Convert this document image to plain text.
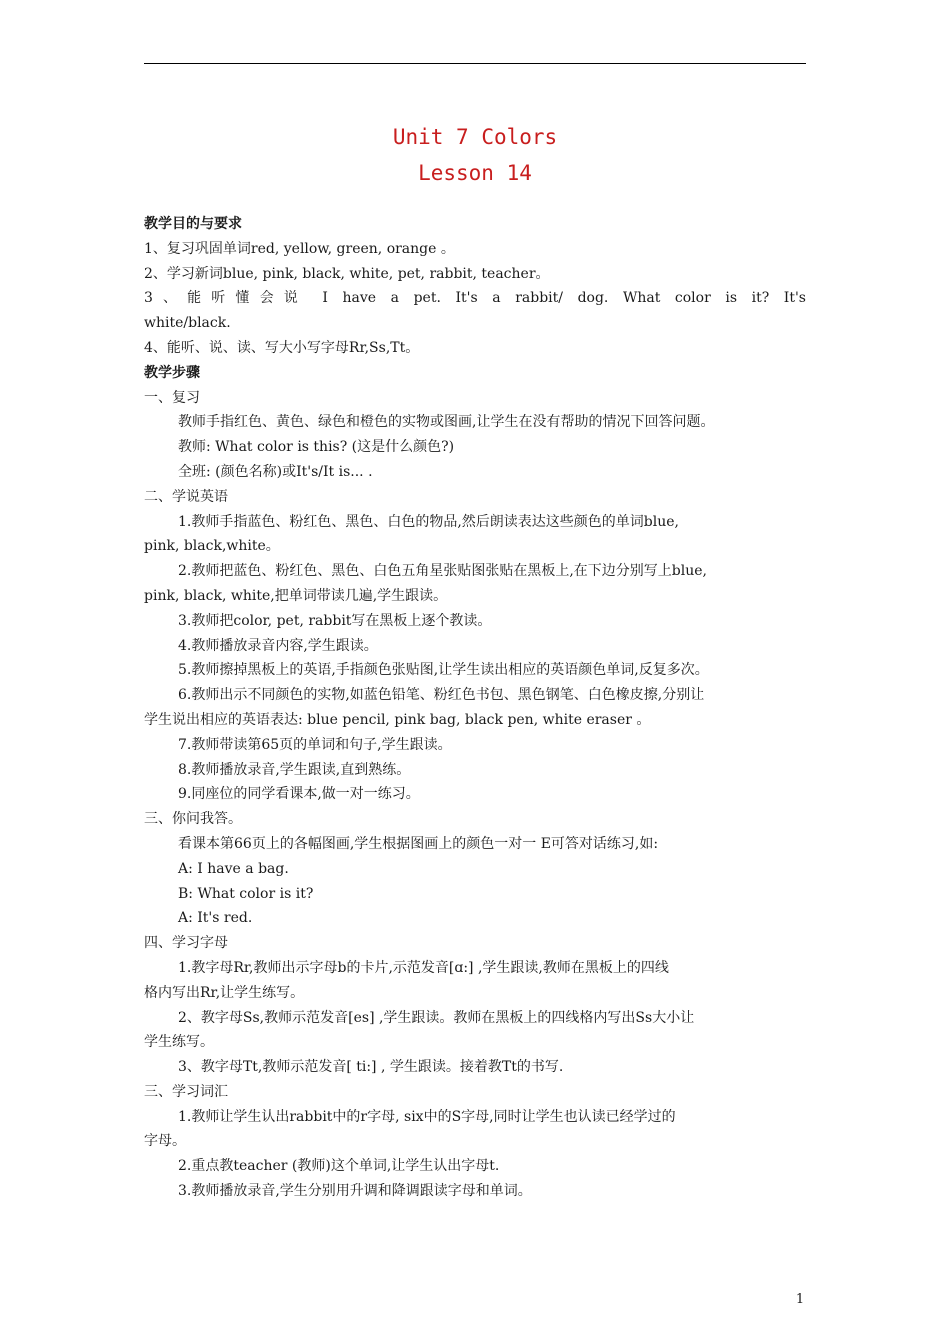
Unit 7 Colors
Lesson 14
教学目的与要求
1、复习巩固单词red, yellow, green, orange 。
2、学习新词blue, pink, black, white, pet, rabbit, teacher。
3、能听懂会说 I have a pet. It's a rabbit/ dog. What color is it? It's
white/black.
4、能听、说、读、写大小写字母Rr,Ss,Tt。
教学步骤
一、复习
教师手指红色、黄色、绿色和橙色的实物或图画,让学生在没有帮助的情况下回答问题。
教师: What color is this? (这是什么颜色?)
全班: (颜色名称)或It's/It is... .
二、学说英语
1.教师手指蓝色、粉红色、黑色、白色的物品,然后朗读表达这些颜色的单词blue,
pink, black,white。
2.教师把蓝色、粉红色、黑色、白色五角星张贴图张贴在黑板上,在下边分别写上blue,
pink, black, white,把单词带读几遍,学生跟读。
3.教师把color, pet, rabbit写在黑板上逐个教读。
4.教师播放录音内容,学生跟读。
5.教师擦掉黑板上的英语,手指颜色张贴图,让学生读出相应的英语颜色单词,反复多次。
6.教师出示不同颜色的实物,如蓝色铅笔、粉红色书包、黑色钢笔、白色橡皮擦,分别让
学生说出相应的英语表达: blue pencil, pink bag, black pen, white eraser 。
7.教师带读第65页的单词和句子,学生跟读。
8.教师播放录音,学生跟读,直到熟练。
9.同座位的同学看课本,做一对一练习。
三、你问我答。
看课本第66页上的各幅图画,学生根据图画上的颜色一对一 E可答对话练习,如:
A: I have a bag.
B: What color is it?
A: It's red.
四、学习字母
1.教字母Rr,教师出示字母b的卡片,示范发音[ɑ:] ,学生跟读,教师在黑板上的四线
格内写出Rr,让学生练写。
2、教字母Ss,教师示范发音[es] ,学生跟读。教师在黑板上的四线格内写出Ss大小让
学生练写。
3、教字母Tt,教师示范发音[ ti:] , 学生跟读。接着教Tt的书写.
三、学习词汇
1.教师让学生认出rabbit中的r字母, six中的S字母,同时让学生也认读已经学过的
字母。
2.重点教teacher (教师)这个单词,让学生认出字母t.
3.教师播放录音,学生分别用升调和降调跟读字母和单词。
1
